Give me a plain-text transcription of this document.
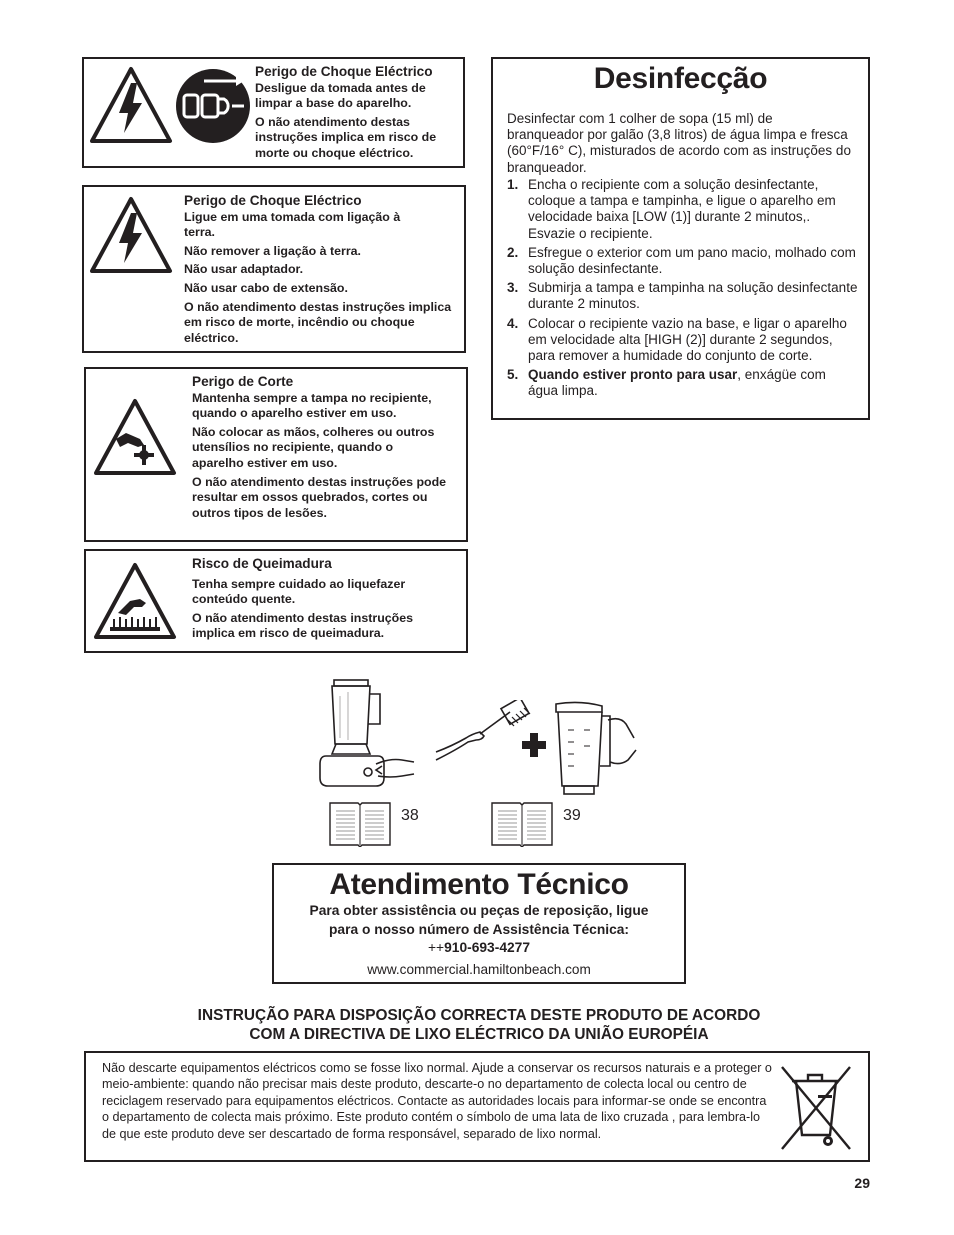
Perigo de Choque Eléctrico

Desligue da tomada antes de limpar a base do aparelho.

O não atendimento destas instruções implica em risco de morte ou choque eléctrico.

Perigo de Choque Eléctrico

Ligue em uma tomada com ligação à terra.

Não remover a ligação à terra.

Não usar adaptador.

Não usar cabo de extensão.

O não atendimento destas instruções implica em risco de morte, incêndio ou choque eléctrico.

Perigo de Corte

Mantenha sempre a tampa no recipiente, quando o aparelho estiver em uso.

Não colocar as mãos, colheres ou outros utensílios no recipiente, quando o aparelho estiver em uso.

O não atendimento destas instruções pode resultar em ossos quebrados, cortes ou outros tipos de lesões.

Risco de Queimadura

Tenha sempre cuidado ao liquefazer conteúdo quente.

O não atendimento destas instruções implica em risco de queimadura.

Desinfecção
Desinfectar com 1 colher de sopa (15 ml) de branqueador por galão (3,8 litros) de água limpa e fresca (60°F/16° C), misturados de acordo com as instruções do branqueador.
1. Encha o recipiente com a solução desinfectante, coloque a tampa e tampinha, e ligue o aparelho em velocidade baixa [LOW (1)] durante 2 minutos,. Esvazie o recipiente.
2. Esfregue o exterior com um pano macio, molhado com solução desinfectante.
3. Submirja a tampa e tampinha na solução desinfectante durante 2 minutos.
4. Colocar o recipiente vazio na base, e ligar o aparelho em velocidade alta [HIGH (2)] durante 2 segundos, para remover a humidade do conjunto de corte.
5. Quando estiver pronto para usar, enxágüe com água limpa.
38	39
Atendimento Técnico
Para obter assistência ou peças de reposição, ligue
para o nosso número de Assistência Técnica:
++910-693-4277
www.commercial.hamiltonbeach.com
INSTRUÇÃO PARA DISPOSIÇÃO CORRECTA DESTE PRODUTO DE ACORDO
COM A DIRECTIVA DE LIXO ELÉCTRICO DA UNIÃO EUROPÉIA
Não descarte equipamentos eléctricos como se fosse lixo normal. Ajude a conservar os recursos naturais e a proteger o meio-ambiente: quando não precisar mais deste produto, descarte-o no departamento de colecta local ou centro de reciclagem reservado para equipamentos eléctricos. Contacte as autoridades locais para informar-se onde se encontra o departamento de colecta mais próximo. Este produto contém o símbolo de uma lata de lixo cruzada , para lembra-lo de que este produto deve ser descartado de forma responsável, separado de lixo normal.
29
